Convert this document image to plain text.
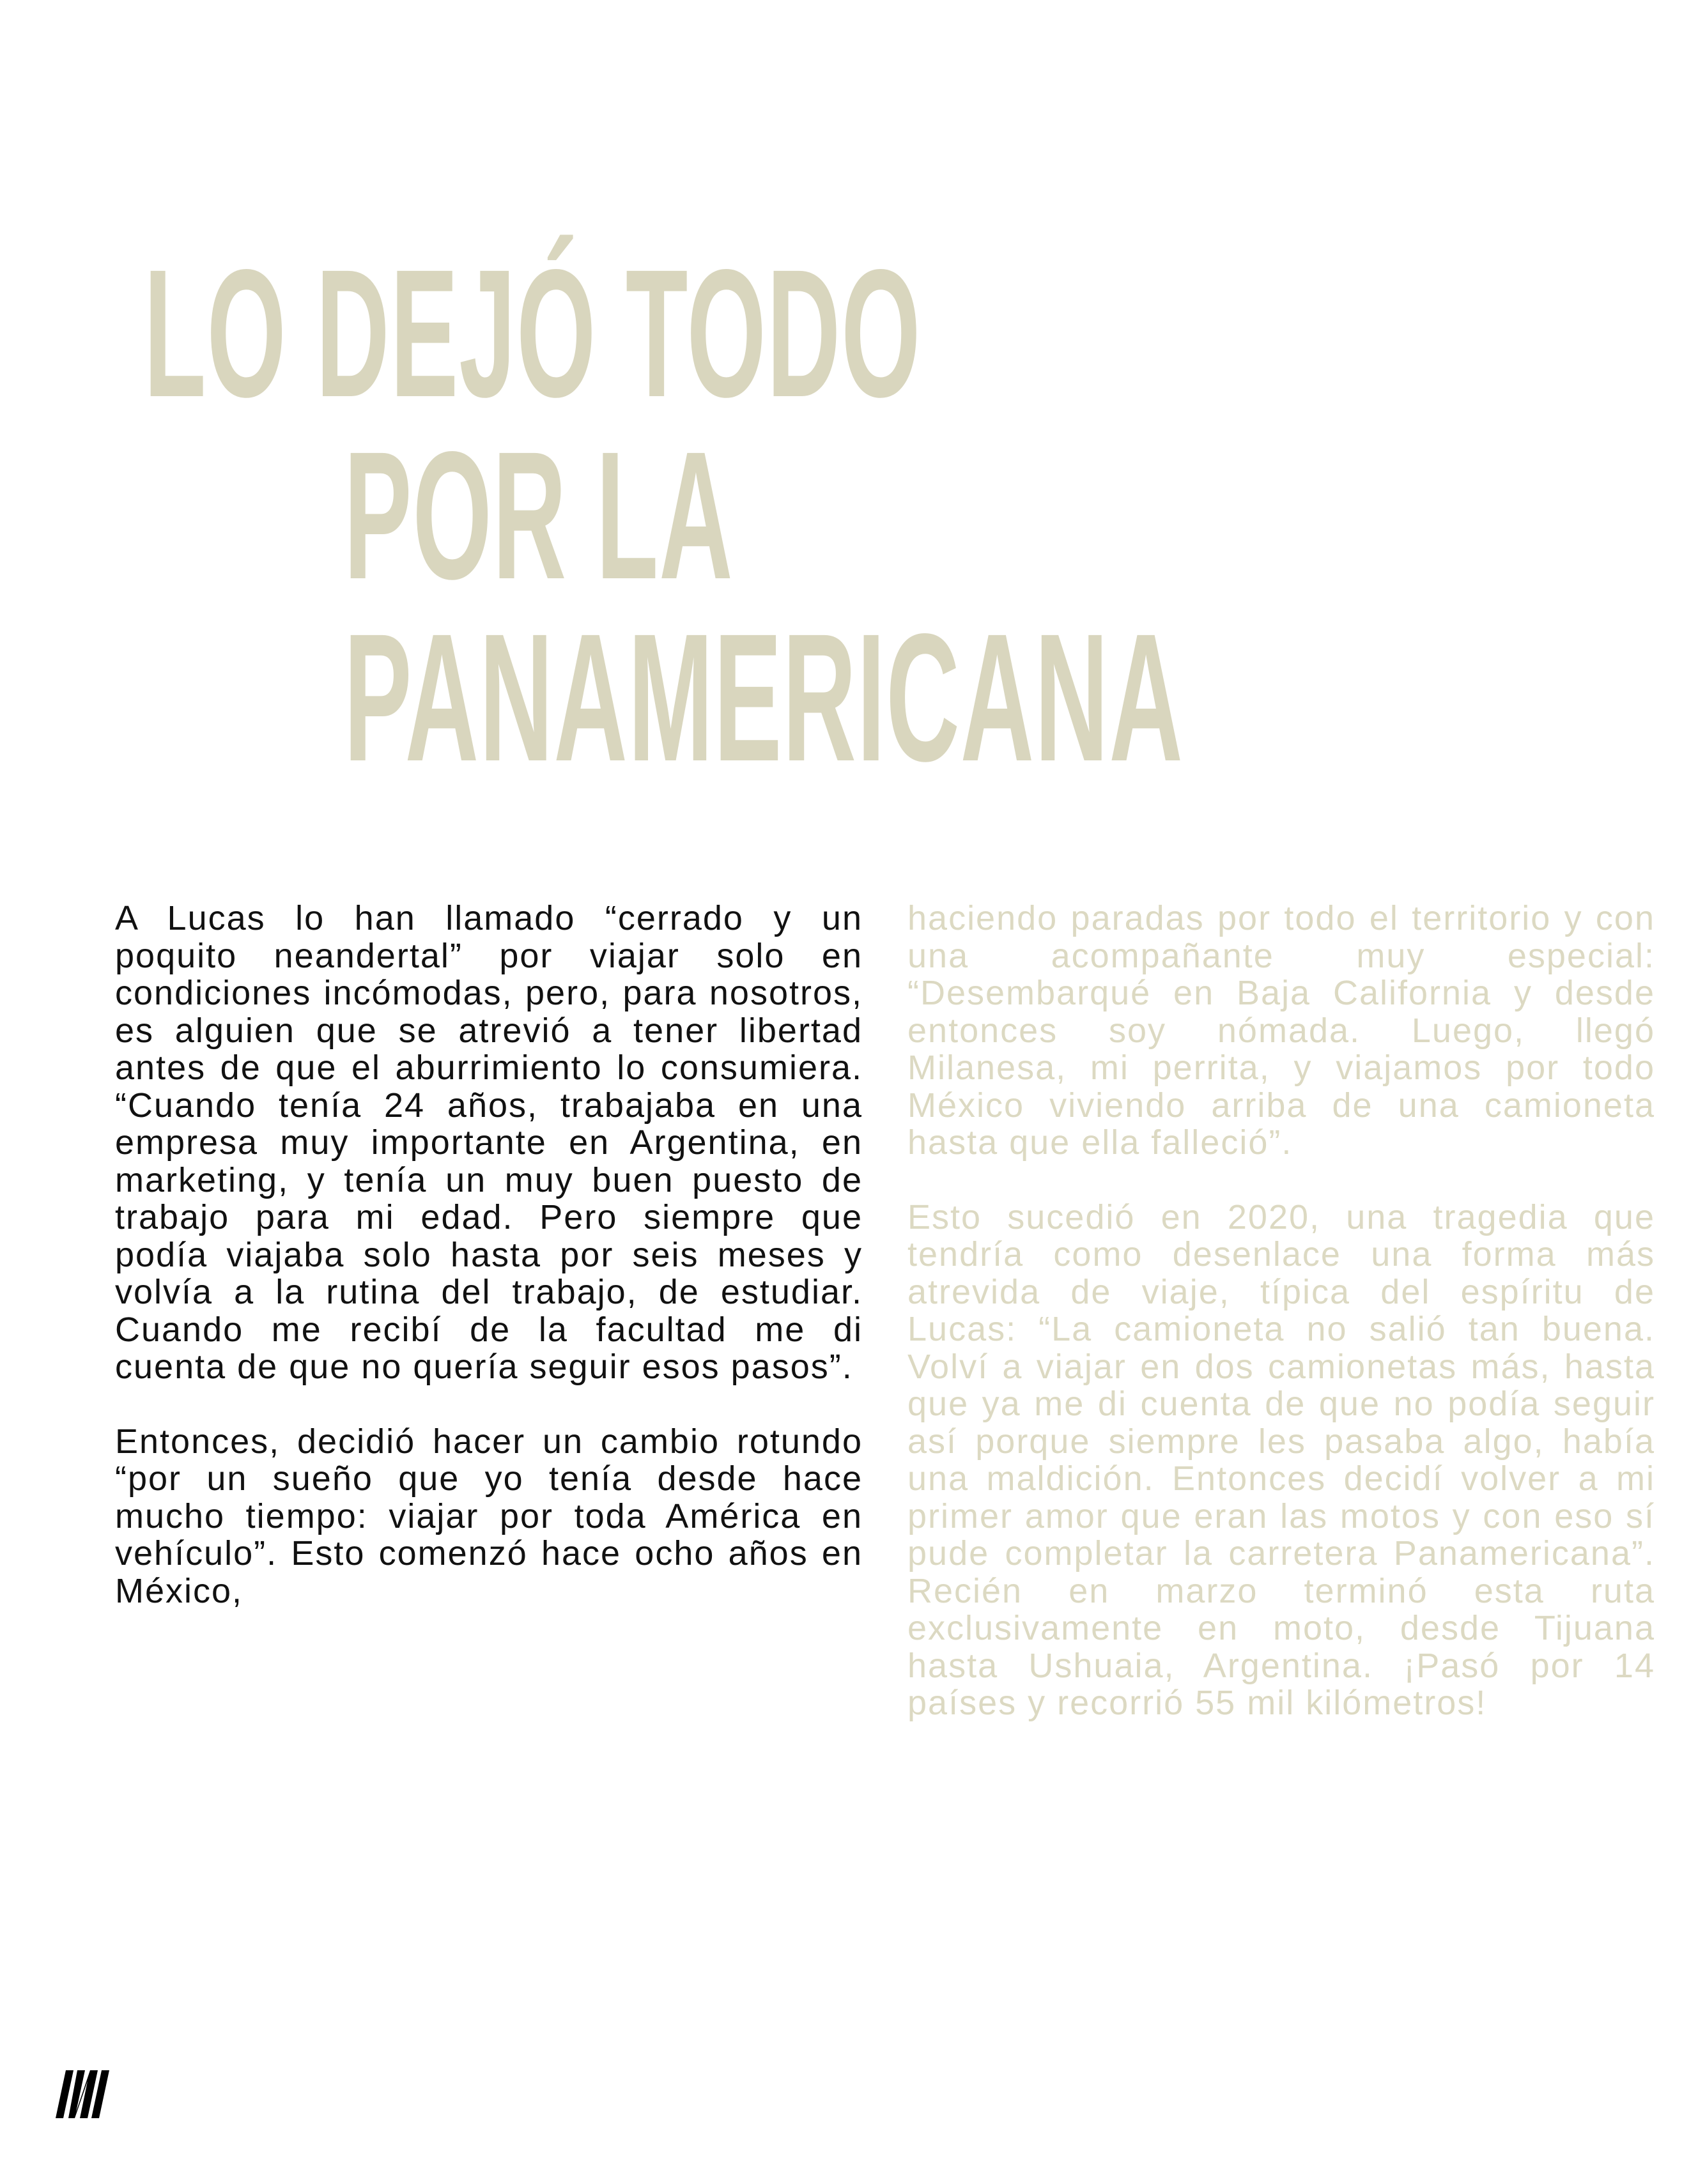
LO DEJÓ TODO
POR LA
PANAMERICANA

A Lucas lo han llamado “cerrado y un poquito neandertal” por viajar solo en condiciones incómodas, pero, para nosotros, es alguien que se atrevió a tener libertad antes de que el aburrimiento lo consumiera. “Cuando tenía 24 años, trabajaba en una empresa muy importante en Argentina, en marketing, y tenía un muy buen puesto de trabajo para mi edad. Pero siempre que podía viajaba solo hasta por seis meses y volvía a la rutina del trabajo, de estudiar. Cuando me recibí de la facultad me di cuenta de que no quería seguir esos pasos”.

Entonces, decidió hacer un cambio rotundo “por un sueño que yo tenía desde hace mucho tiempo: viajar por toda América en vehículo”. Esto comenzó hace ocho años en México,

haciendo paradas por todo el territorio y con una acompañante muy especial: “Desembarqué en Baja California y desde entonces soy nómada. Luego, llegó Milanesa, mi perrita, y viajamos por todo México viviendo arriba de una camioneta hasta que ella falleció”.

Esto sucedió en 2020, una tragedia que tendría como desenlace una forma más atrevida de viaje, típica del espíritu de Lucas: “La camioneta no salió tan buena. Volví a viajar en dos camionetas más, hasta que ya me di cuenta de que no podía seguir así porque siempre les pasaba algo, había una maldición. Entonces decidí volver a mi primer amor que eran las motos y con eso sí pude completar la carretera Panamericana”. Recién en marzo terminó esta ruta exclusivamente en moto, desde Tijuana hasta Ushuaia, Argentina. ¡Pasó por 14 países y recorrió 55 mil kilómetros!
